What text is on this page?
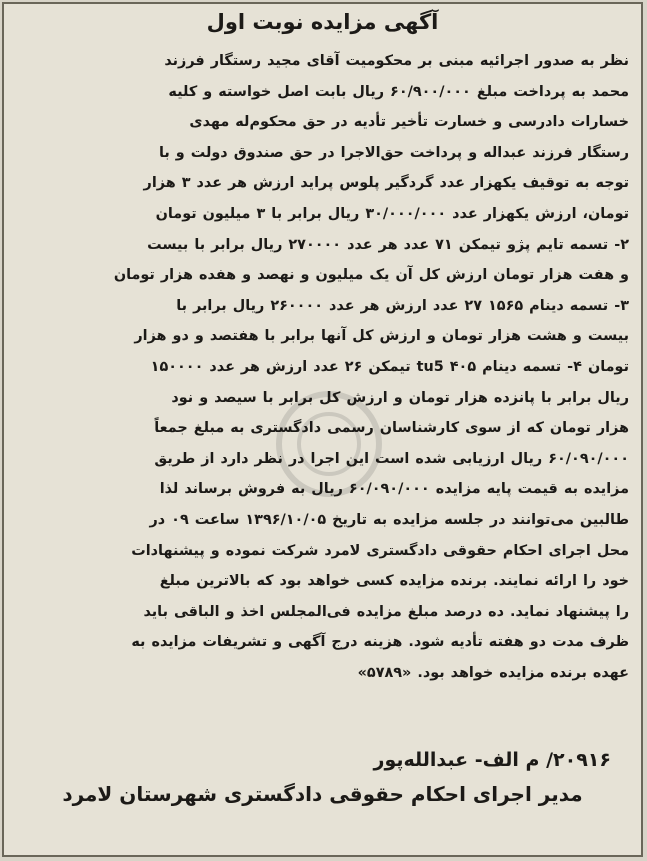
آگهی مزایده نوبت اول
نظر به صدور اجرائیه مبنی بر محکومیت آقای مجید رستگار فرزند
محمد به پرداخت مبلغ ۶۰/۹۰۰/۰۰۰ ریال بابت اصل خواسته و کلیه
خسارات دادرسی و خسارت تأخیر تأدیه در حق محکوم‌له مهدی
رستگار فرزند عبداله و پرداخت حق‌الاجرا در حق صندوق دولت و با
توجه به توقیف یکهزار عدد گردگیر پلوس پراید ارزش هر عدد ۳ هزار
تومان، ارزش یکهزار عدد ۳۰/۰۰۰/۰۰۰ ریال برابر با ۳ میلیون تومان
۲- تسمه تایم پژو تیمکن ۷۱ عدد هر عدد ۲۷۰۰۰۰ ریال برابر با بیست
و هفت هزار تومان ارزش کل آن یک میلیون و نهصد و هفده هزار تومان
۳- تسمه دینام ۱۵۶۵ ۲۷ عدد ارزش هر عدد ۲۶۰۰۰۰ ریال برابر با
بیست و هشت هزار تومان و ارزش کل آنها برابر با هفتصد و دو هزار
تومان ۴- تسمه دینام tu5 ۴۰۵ تیمکن ۲۶ عدد ارزش هر عدد ۱۵۰۰۰۰
ریال برابر با پانزده هزار تومان و ارزش کل برابر با سیصد و نود
هزار تومان که از سوی کارشناسان رسمی دادگستری به مبلغ جمعاً
۶۰/۰۹۰/۰۰۰ ریال ارزیابی شده است این اجرا در نظر دارد از طریق
مزایده به قیمت پایه مزایده ۶۰/۰۹۰/۰۰۰ ریال به فروش برساند لذا
طالبین می‌توانند در جلسه مزایده به تاریخ ۱۳۹۶/۱۰/۰۵ ساعت ۰۹ در
محل اجرای احکام حقوقی دادگستری لامرد شرکت نموده و پیشنهادات
خود را ارائه نمایند. برنده مزایده کسی خواهد بود که بالاترین مبلغ
را پیشنهاد نماید. ده درصد مبلغ مزایده فی‌المجلس اخذ و الباقی باید
ظرف مدت دو هفته تأدیه شود. هزینه درج آگهی و تشریفات مزایده به
عهده برنده مزایده خواهد بود. «۵۷۸۹»
۲۰۹۱۶/ م الف- عبدالله‌پور
مدیر اجرای احکام حقوقی دادگستری شهرستان لامرد
